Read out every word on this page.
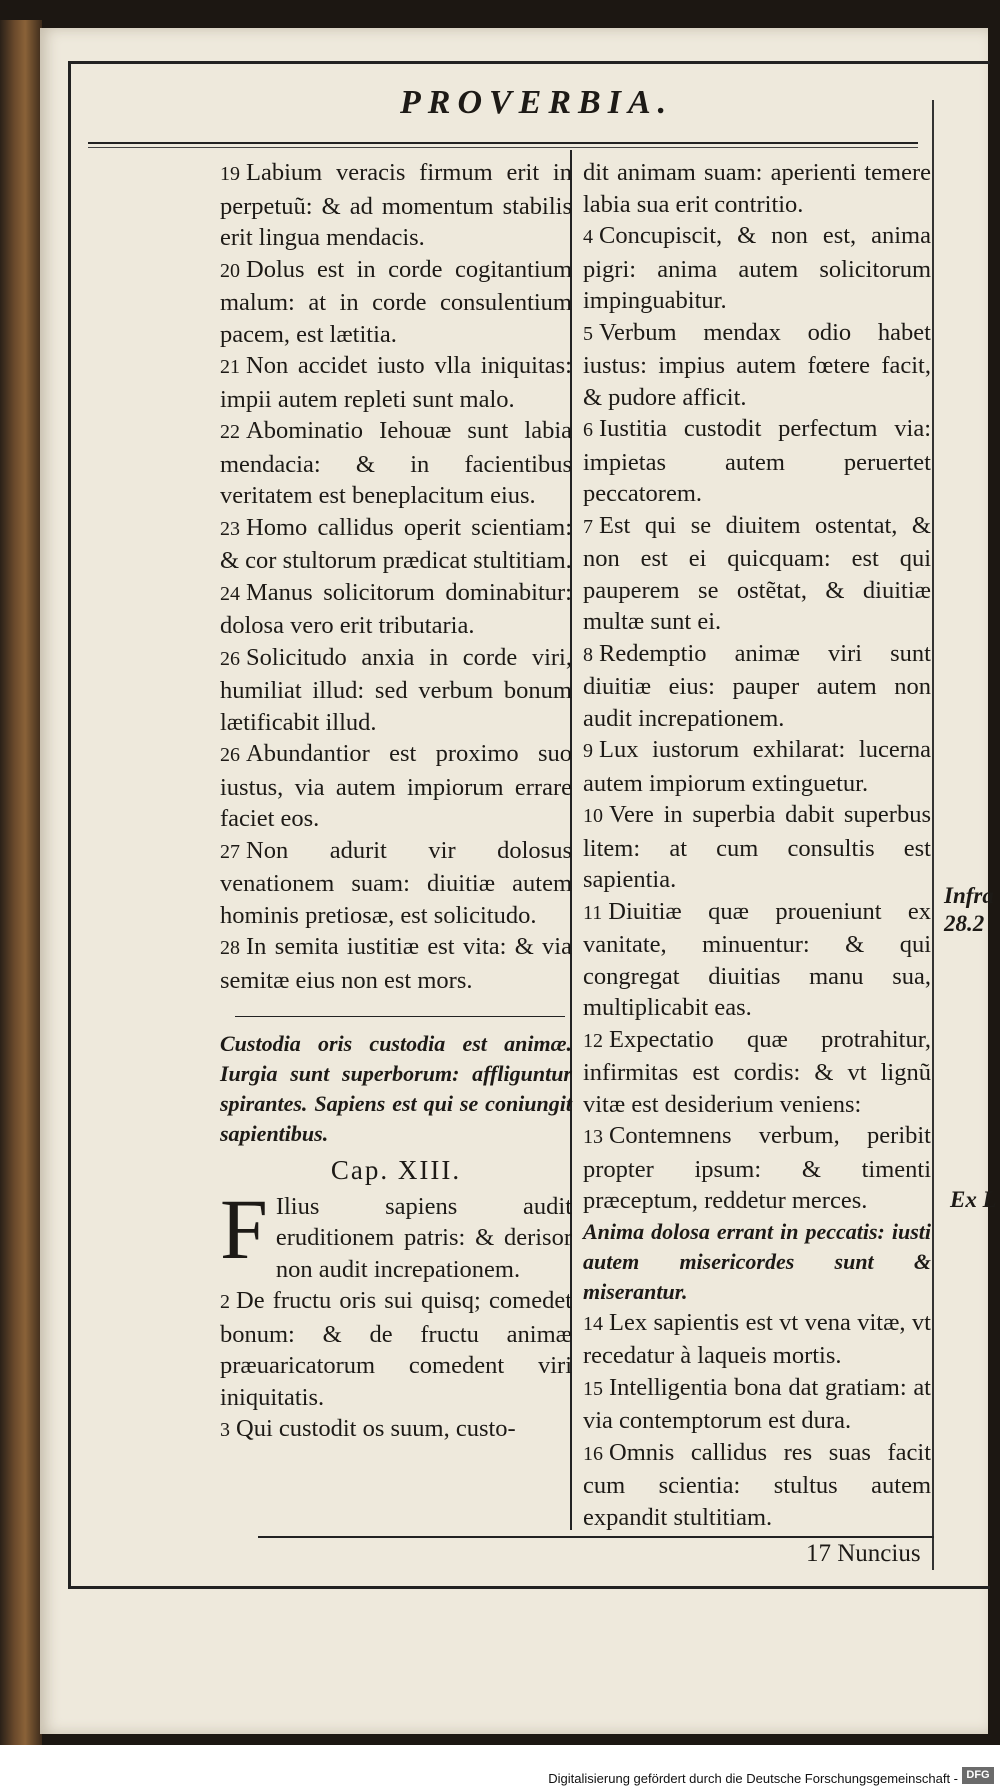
PROVERBIA.

19 Labium veracis firmum erit in perpetuũ: & ad momentum stabilis erit lingua mendacis.

20 Dolus est in corde cogitantium malum: at in corde consulentium pacem, est lætitia.

21 Non accidet iusto vlla iniquitas: impii autem repleti sunt malo.

22 Abominatio Iehouæ sunt labia mendacia: & in facientibus veritatem est beneplacitum eius.

23 Homo callidus operit scientiam: & cor stultorum prædicat stultitiam.

24 Manus solicitorum dominabitur: dolosa vero erit tributaria.

26 Solicitudo anxia in corde viri, humiliat illud: sed verbum bonum lætificabit illud.

26 Abundantior est proximo suo iustus, via autem impiorum errare faciet eos.

27 Non adurit vir dolosus venationem suam: diuitiæ autem hominis pretiosæ, est solicitudo.

28 In semita iustitiæ est vita: & via semitæ eius non est mors.

Custodia oris custodia est animæ. Iurgia sunt superborum: affliguntur spirantes. Sapiens est qui se coniungit sapientibus.
Cap. XIII.

F Ilius sapiens audit eruditionem patris: & derisor non audit increpationem.

2 De fructu oris sui quisq; comedet bonum: & de fructu animæ præuaricatorum comedent viri iniquitatis.

3 Qui custodit os suum, custo-

dit animam suam: aperienti temere labia sua erit contritio.

4 Concupiscit, & non est, anima pigri: anima autem solicitorum impinguabitur.

5 Verbum mendax odio habet iustus: impius autem fœtere facit, & pudore afficit.

6 Iustitia custodit perfectum via: impietas autem peruertet peccatorem.

7 Est qui se diuitem ostentat, & non est ei quicquam: est qui pauperem se ostẽtat, & diuitiæ multæ sunt ei.

8 Redemptio animæ viri sunt diuitiæ eius: pauper autem non audit increpationem.

9 Lux iustorum exhilarat: lucerna autem impiorum extinguetur.

10 Vere in superbia dabit superbus litem: at cum consultis est sapientia.

11 Diuitiæ quæ proueniunt ex vanitate, minuentur: & qui congregat diuitias manu sua, multiplicabit eas.

12 Expectatio quæ protrahitur, infirmitas est cordis: & vt lignũ vitæ est desiderium veniens:

13 Contemnens verbum, peribit propter ipsum: & timenti præceptum, reddetur merces.

Anima dolosa errant in peccatis: iusti autem misericordes sunt & miserantur.

14 Lex sapientis est vt vena vitæ, vt recedatur à laqueis mortis.

15 Intelligentia bona dat gratiam: at via contemptorum est dura.

16 Omnis callidus res suas facit cum scientia: stultus autem expandit stultitiam.

Infra 28.2
Ex L
17 Nuncius
Digitalisierung gefördert durch die Deutsche Forschungsgemeinschaft - DFG
